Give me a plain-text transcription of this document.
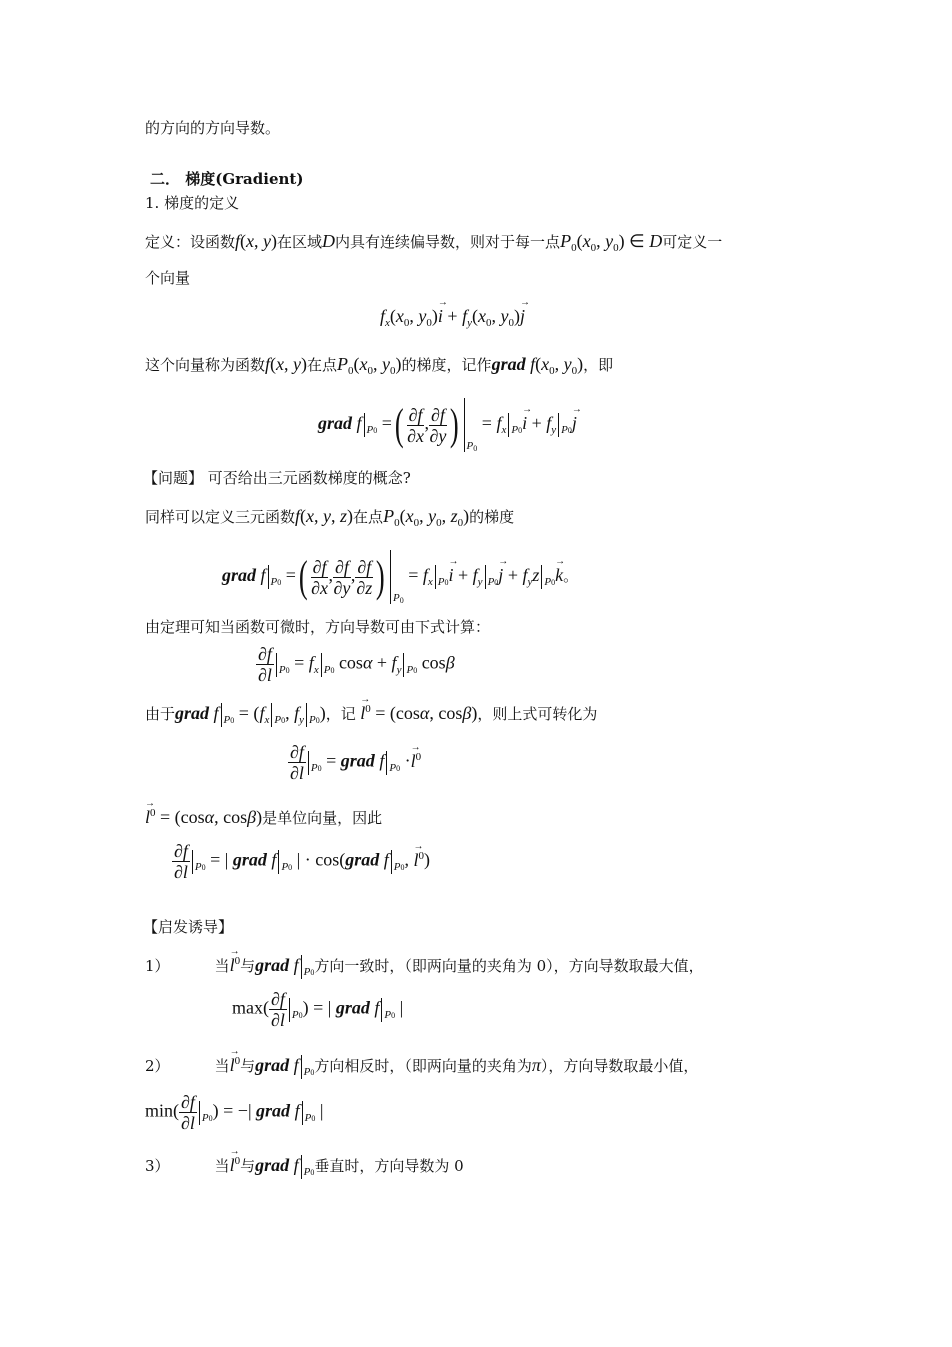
的方向的方向导数。
二． 梯度(Gradient)
1. 梯度的定义
定义：设函数f(x, y)在区域D内具有连续偏导数，则对于每一点$P_0(x_0$, $y_0$) ∈ D可定义一
个向量
$f_x(x_0$, $y_0)i$ → + $f_y(x_0$, $y_0)j$ →
这个向量称为函数f(x, y)在点$P_0(x_0$, $y_0$)的梯度，记作grad $f(x_0$, $y_0$)，即
grad f $_{P0}$ =( $\frac{\partial f}{\partial x}$ , $\frac{\partial f}{\partial y}$ ) $_{P0} = f_x$ $_{P0}$i → + $f_y$ $_{P0}$j →
【问题】 可否给出三元函数梯度的概念?
同样可以定义三元函数f(x, y, z)在点$P_0(x_0$, $y_0$, $z_0$)的梯度
grad f $_{P0}$ =( $\frac{\partial f}{\partial x}$ , $\frac{\partial f}{\partial y}$ , $\frac{\partial f}{\partial z}$ ) $_{P0} = f_x$ $_{P0}$i → + $f_y$ $_{P0}$j → + $f_yz$ $_{P0}$k →。
由定理可知当函数可微时，方向导数可由下式计算：
$\frac{\partial f}{\partial l} _{P0} = f_x$ $_{P0}$ $\cos\alpha + f_y$ $_{P0}$ cosβ
由于grad f $_{P0} = (f_x$ $_{P0}$, $f_y$ $_{P0}$)，记 l →$^0$ = (cosα, cosβ)，则上式可转化为
$\frac{\partial f}{\partial l} _{P0}$ = grad f $_{P0}$ ·l →$^0$
l →$^0$ = (cosα, cosβ)是单位向量，因此
$\frac{\partial f}{\partial l} _{P0}$ = | grad f $_{P0}$ | · cos(grad f $_{P0}$, l →$^0$)
【启发诱导】
1）	当l →$^0$与grad f $_{P0}$方向一致时，（即两向量的夹角为 0），方向导数取最大值，
$\max( \frac{\partial f}{\partial l} _{P0})$ = | grad f $_{P0}$ |
2）	当l →$^0$与grad f $_{P0}$方向相反时，（即两向量的夹角为π），方向导数取最小值，
$\min( \frac{\partial f}{\partial l} _{P0})$ = −| grad f $_{P0}$ |
3）	当l →$^0$与grad f $_{P0}$垂直时，方向导数为 0
